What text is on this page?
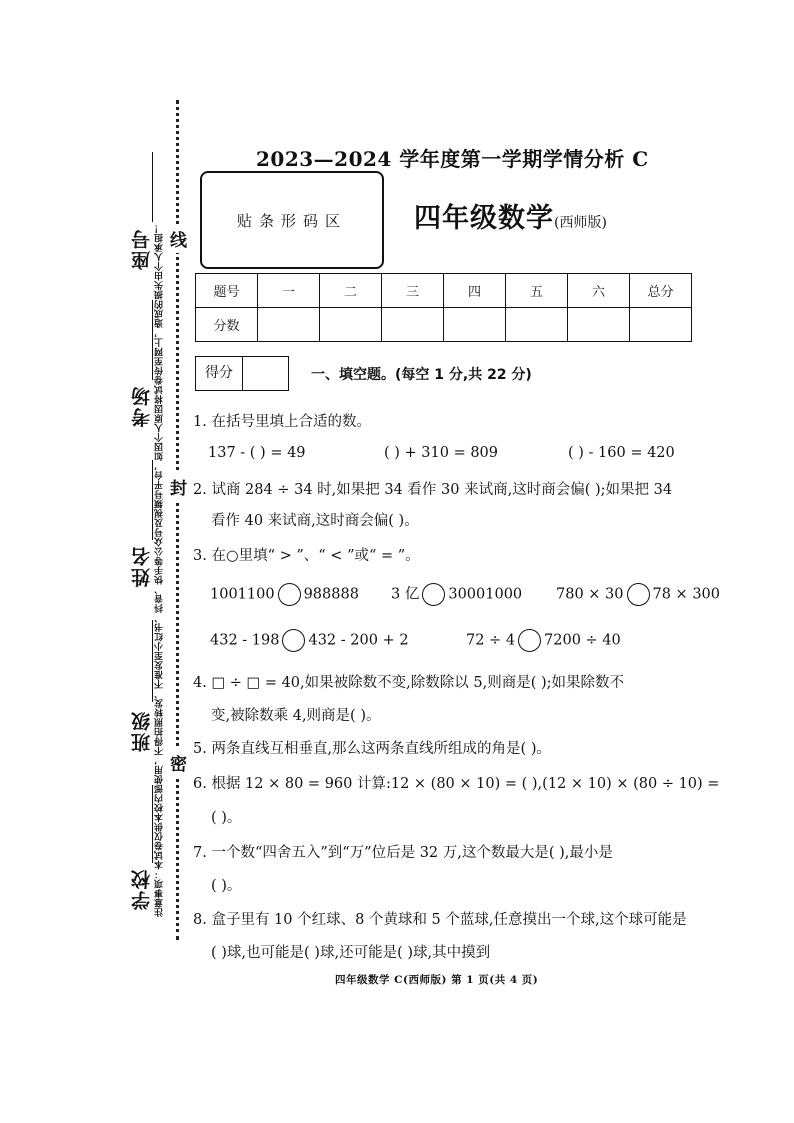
座号
考场
姓名
班级
学校 注意事项：本试卷仅供本校内部使用，不得拍照转发、不准发至小红书、抖音、快手等公众号及视频号平台，如因个人原因将试卷传至网上，造成的损失由个人承担！ 线
封
密
2023—2024 学年度第一学期学情分析 C
贴条形码区 四年级数学(西师版)
题号	一	二	三	四	五	六	总分
分数							
得分	一、填空题。(每空 1 分,共 22 分)
1. 在括号里填上合适的数。
137 - ( ) = 49	( ) + 310 = 809	( ) - 160 = 420
2. 试商 284 ÷ 34 时,如果把 34 看作 30 来试商,这时商会偏( );如果把 34
看作 40 来试商,这时商会偏( )。
3. 在○里填“ > ”、“ < ”或“ = ”。
1001100 988888 3 亿 30001000 780 × 30 78 × 300
432 - 198 432 - 200 + 2	72 ÷ 4 7200 ÷ 40
4. □ ÷ □ = 40,如果被除数不变,除数除以 5,则商是( );如果除数不
变,被除数乘 4,则商是( )。
5. 两条直线互相垂直,那么这两条直线所组成的角是( )。
6. 根据 12 × 80 = 960 计算:12 × (80 × 10) = ( ),(12 × 10) × (80 ÷ 10) =
( )。
7. 一个数“四舍五入”到“万”位后是 32 万,这个数最大是( ),最小是
( )。
8. 盒子里有 10 个红球、8 个黄球和 5 个蓝球,任意摸出一个球,这个球可能是
( )球,也可能是( )球,还可能是( )球,其中摸到
四年级数学 C(西师版) 第 1 页(共 4 页)
